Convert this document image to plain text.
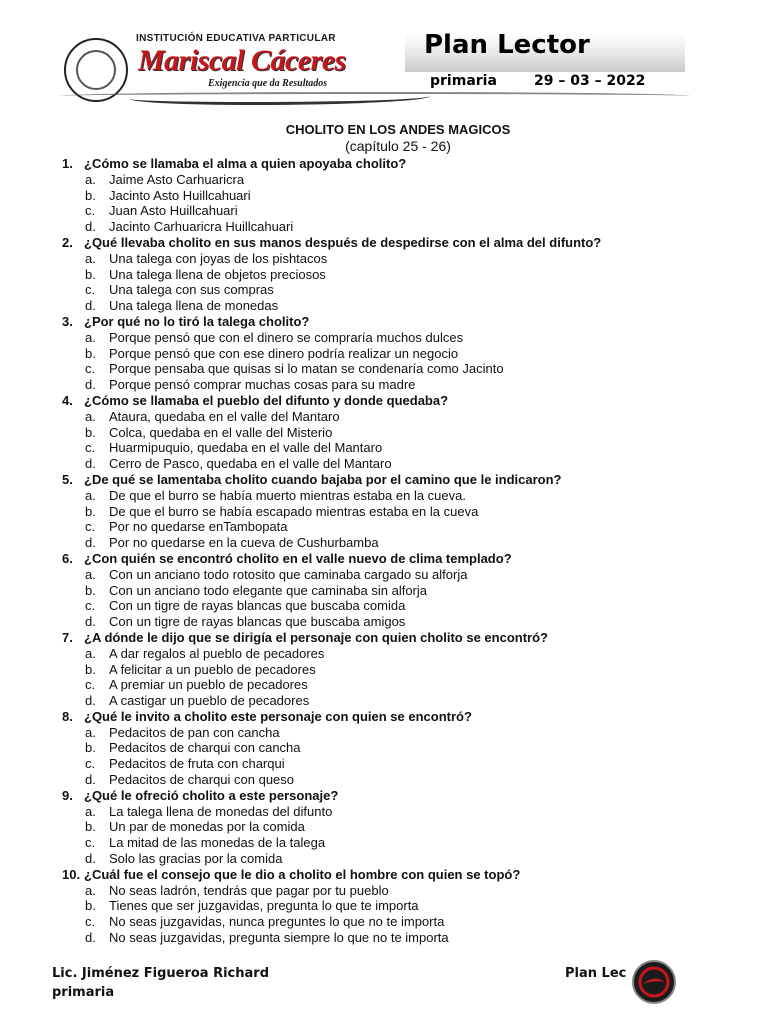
INSTITUCIÓN EDUCATIVA PARTICULAR
Mariscal Cáceres
Exigencia que da Resultados
Plan Lector
primaria	29 – 03 – 2022
CHOLITO EN LOS ANDES MAGICOS
(capítulo 25 - 26)
1. ¿Cómo se llamaba el alma a quien apoyaba cholito?
a.	Jaime Asto Carhuaricra
b.	Jacinto Asto Huillcahuari
c.	Juan Asto Huillcahuari
d.	Jacinto Carhuaricra Huillcahuari
2. ¿Qué llevaba cholito en sus manos después de despedirse con el alma del difunto?
a.	Una talega con joyas de los pishtacos
b.	Una talega llena de objetos preciosos
c.	Una talega con sus compras
d.	Una talega llena de monedas
3. ¿Por qué no lo tiró la talega cholito?
a.	Porque pensó que con el dinero se compraría muchos dulces
b.	Porque pensó que con ese dinero podría realizar un negocio
c.	Porque pensaba que quisas si lo matan se condenaría como Jacinto
d.	Porque pensó comprar muchas cosas para su madre
4. ¿Cómo se llamaba el pueblo del difunto y donde quedaba?
a.	Ataura, quedaba en el valle del Mantaro
b.	Colca, quedaba en el valle del Misterio
c.	Huarmipuquio, quedaba en el valle del Mantaro
d.	Cerro de Pasco, quedaba en el valle del Mantaro
5. ¿De qué se lamentaba cholito cuando bajaba por el camino que le indicaron?
a.	De que el burro se había muerto mientras estaba en la cueva.
b.	De que el burro se había escapado mientras estaba en la cueva
c.	Por no quedarse enTambopata
d.	Por no quedarse en la cueva de Cushurbamba
6. ¿Con quién se encontró cholito en el valle nuevo de clima templado?
a.	Con un anciano todo rotosito que caminaba cargado su alforja
b.	Con un anciano todo elegante que caminaba sin alforja
c.	Con un tigre de rayas blancas que buscaba comida
d.	Con un tigre de rayas blancas que buscaba amigos
7. ¿A dónde le dijo que se dirigía el personaje con quien cholito se encontró?
a.	A dar regalos al pueblo de pecadores
b.	A felicitar a un pueblo de pecadores
c.	A premiar un pueblo de pecadores
d.	A castigar un pueblo de pecadores
8. ¿Qué le invito a cholito este personaje con quien se encontró?
a.	Pedacitos de pan con cancha
b.	Pedacitos de charqui con cancha
c.	Pedacitos de fruta con charqui
d.	Pedacitos de charqui con queso
9. ¿Qué le ofreció cholito a este personaje?
a.	La talega llena de monedas del difunto
b.	Un par de monedas por la comida
c.	La mitad de las monedas de la talega
d.	Solo las gracias por la comida
10. ¿Cuál fue el consejo que le dio a cholito el hombre con quien se topó?
a.	No seas ladrón, tendrás que pagar por tu pueblo
b.	Tienes que ser juzgavidas, pregunta lo que te importa
c.	No seas juzgavidas, nunca preguntes lo que no te importa
d.	No seas juzgavidas, pregunta siempre lo que no te importa
Lic. Jiménez Figueroa Richard
primaria
Plan Lec
